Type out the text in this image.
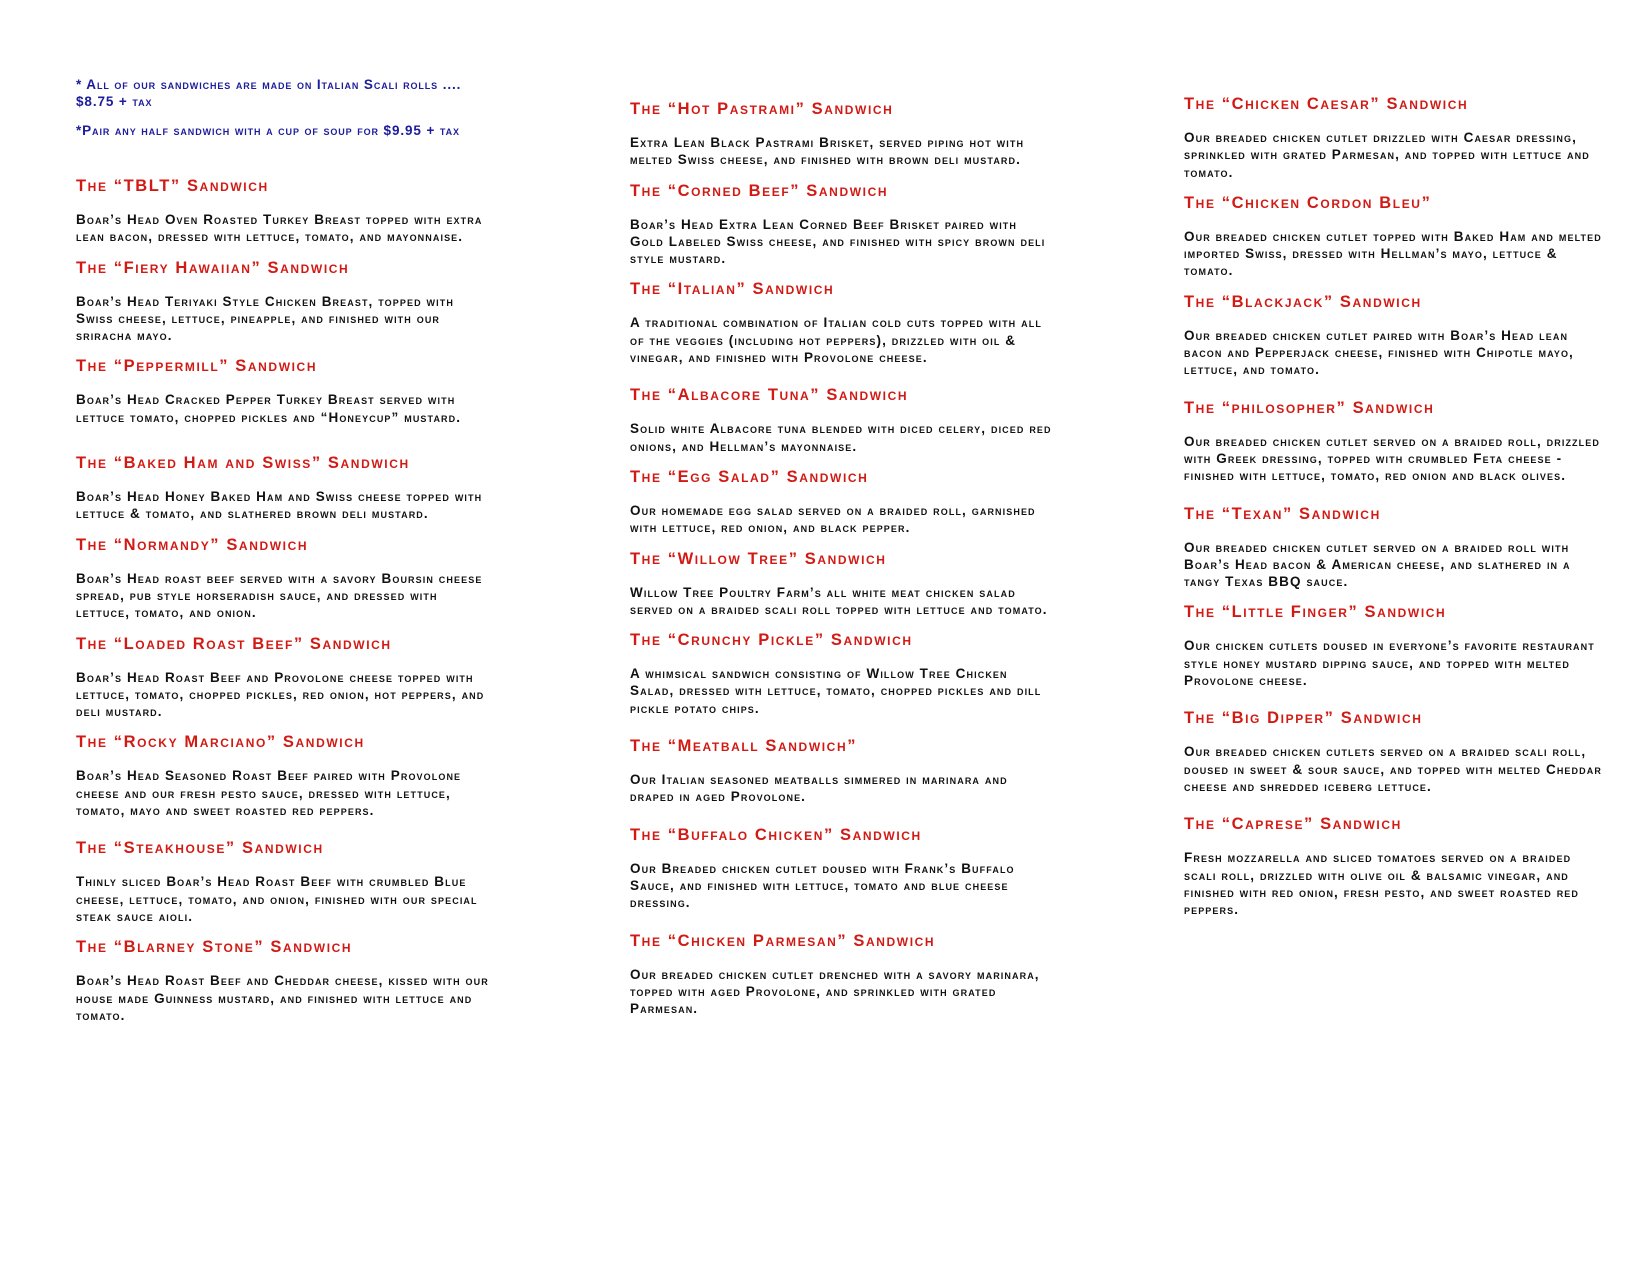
* All of our sandwiches are made on Italian Scali rolls .... $8.75 + tax

*Pair any half sandwich with a cup of soup for $9.95 + tax

The “TBLT” Sandwich
Boar’s Head Oven Roasted Turkey Breast topped with extra lean bacon, dressed with lettuce, tomato, and mayonnaise.
The “Fiery Hawaiian” Sandwich
Boar’s Head Teriyaki Style Chicken Breast, topped with Swiss cheese, lettuce, pineapple, and finished with our sriracha mayo.
The “Peppermill” Sandwich
Boar’s Head Cracked Pepper Turkey Breast served with lettuce tomato, chopped pickles and “Honeycup” mustard.
The “Baked Ham and Swiss” Sandwich
Boar’s Head Honey Baked Ham and Swiss cheese topped with lettuce & tomato, and slathered brown deli mustard.
The “Normandy” Sandwich
Boar’s Head roast beef served with a savory Boursin cheese spread, pub style horseradish sauce, and dressed with lettuce, tomato, and onion.
The “Loaded Roast Beef” Sandwich
Boar’s Head Roast Beef and Provolone cheese topped with lettuce, tomato, chopped pickles, red onion, hot peppers, and deli mustard.
The “Rocky Marciano” Sandwich
Boar’s Head Seasoned Roast Beef paired with Provolone cheese and our fresh pesto sauce, dressed with lettuce, tomato, mayo and sweet roasted red peppers.
The “Steakhouse” Sandwich
Thinly sliced Boar’s Head Roast Beef with crumbled Blue cheese, lettuce, tomato, and onion, finished with our special steak sauce aioli.
The “Blarney Stone” Sandwich
Boar’s Head Roast Beef and Cheddar cheese, kissed with our house made Guinness mustard, and finished with lettuce and tomato.
The “Hot Pastrami” Sandwich
Extra Lean Black Pastrami Brisket, served piping hot with melted Swiss cheese, and finished with brown deli mustard.
The “Corned Beef” Sandwich
Boar’s Head Extra Lean Corned Beef Brisket paired with Gold Labeled Swiss cheese, and finished with spicy brown deli style mustard.
The “Italian” Sandwich
A traditional combination of Italian cold cuts topped with all of the veggies (including hot peppers), drizzled with oil & vinegar, and finished with Provolone cheese.
The “Albacore Tuna” Sandwich
Solid white Albacore tuna blended with diced celery, diced red onions, and Hellman’s mayonnaise.
The “Egg Salad” Sandwich
Our homemade egg salad served on a braided roll, garnished with lettuce, red onion, and black pepper.
The “Willow Tree” Sandwich
Willow Tree Poultry Farm’s all white meat chicken salad served on a braided scali roll topped with lettuce and tomato.
The “Crunchy Pickle” Sandwich
A whimsical sandwich consisting of Willow Tree Chicken Salad, dressed with lettuce, tomato, chopped pickles and dill pickle potato chips.
The “Meatball Sandwich”
Our Italian seasoned meatballs simmered in marinara and draped in aged Provolone.
The “Buffalo Chicken” Sandwich
Our Breaded chicken cutlet doused with Frank’s Buffalo Sauce, and finished with lettuce, tomato and blue cheese dressing.
The “Chicken Parmesan” Sandwich
Our breaded chicken cutlet drenched with a savory marinara, topped with aged Provolone, and sprinkled with grated Parmesan.
The “Chicken Caesar” Sandwich
Our breaded chicken cutlet drizzled with Caesar dressing, sprinkled with grated Parmesan, and topped with lettuce and tomato.
The “Chicken Cordon Bleu”
Our breaded chicken cutlet topped with Baked Ham and melted imported Swiss, dressed with Hellman’s mayo, lettuce & tomato.
The “Blackjack” Sandwich
Our breaded chicken cutlet paired with Boar’s Head lean bacon and Pepperjack cheese, finished with Chipotle mayo, lettuce, and tomato.
The “philosopher” Sandwich
Our breaded chicken cutlet served on a braided roll, drizzled with Greek dressing, topped with crumbled Feta cheese - finished with lettuce, tomato, red onion and black olives.
The “Texan” Sandwich
Our breaded chicken cutlet served on a braided roll with Boar’s Head bacon & American cheese, and slathered in a tangy Texas BBQ sauce.
The “Little Finger” Sandwich
Our chicken cutlets doused in everyone’s favorite restaurant style honey mustard dipping sauce, and topped with melted Provolone cheese.
The “Big Dipper” Sandwich
Our breaded chicken cutlets served on a braided scali roll, doused in sweet & sour sauce, and topped with melted Cheddar cheese and shredded iceberg lettuce.
The “Caprese” Sandwich
Fresh mozzarella and sliced tomatoes served on a braided scali roll, drizzled with olive oil & balsamic vinegar, and finished with red onion, fresh pesto, and sweet roasted red peppers.
